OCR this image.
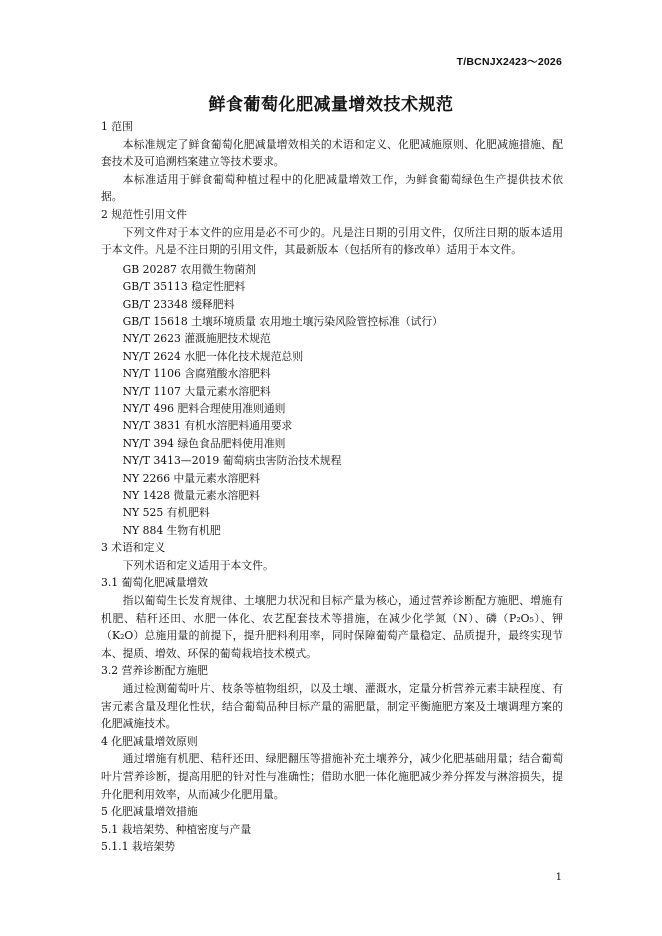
T/BCNJX2423～2026
鲜食葡萄化肥减量增效技术规范

1 范围

本标准规定了鲜食葡萄化肥减量增效相关的术语和定义、化肥减施原则、化肥减施措施、配套技术及可追溯档案建立等技术要求。

本标准适用于鲜食葡萄种植过程中的化肥减量增效工作，为鲜食葡萄绿色生产提供技术依据。

2 规范性引用文件

下列文件对于本文件的应用是必不可少的。凡是注日期的引用文件，仅所注日期的版本适用于本文件。凡是不注日期的引用文件，其最新版本（包括所有的修改单）适用于本文件。

GB 20287 农用微生物菌剂

GB/T 35113 稳定性肥料

GB/T 23348 缓释肥料

GB/T 15618 土壤环境质量 农用地土壤污染风险管控标准（试行）

NY/T 2623 灌溉施肥技术规范

NY/T 2624 水肥一体化技术规范总则

NY/T 1106 含腐殖酸水溶肥料

NY/T 1107 大量元素水溶肥料

NY/T 496 肥料合理使用准则通则

NY/T 3831 有机水溶肥料通用要求

NY/T 394 绿色食品肥料使用准则

NY/T 3413—2019 葡萄病虫害防治技术规程

NY 2266 中量元素水溶肥料

NY 1428 微量元素水溶肥料

NY 525 有机肥料

NY 884 生物有机肥

3 术语和定义

下列术语和定义适用于本文件。

3.1 葡萄化肥减量增效

指以葡萄生长发育规律、土壤肥力状况和目标产量为核心，通过营养诊断配方施肥、增施有机肥、秸秆还田、水肥一体化、农艺配套技术等措施，在减少化学氮（N）、磷（P₂O₅）、钾（K₂O）总施用量的前提下，提升肥料利用率，同时保障葡萄产量稳定、品质提升，最终实现节本、提质、增效、环保的葡萄栽培技术模式。

3.2 营养诊断配方施肥

通过检测葡萄叶片、枝条等植物组织，以及土壤、灌溉水，定量分析营养元素丰缺程度、有害元素含量及理化性状，结合葡萄品种目标产量的需肥量，制定平衡施肥方案及土壤调理方案的化肥减施技术。

4 化肥减量增效原则

通过增施有机肥、秸秆还田、绿肥翻压等措施补充土壤养分，减少化肥基础用量；结合葡萄叶片营养诊断，提高用肥的针对性与准确性；借助水肥一体化施肥减少养分挥发与淋溶损失，提升化肥利用效率，从而减少化肥用量。

5 化肥减量增效措施

5.1 栽培架势、种植密度与产量

5.1.1 栽培架势

1
